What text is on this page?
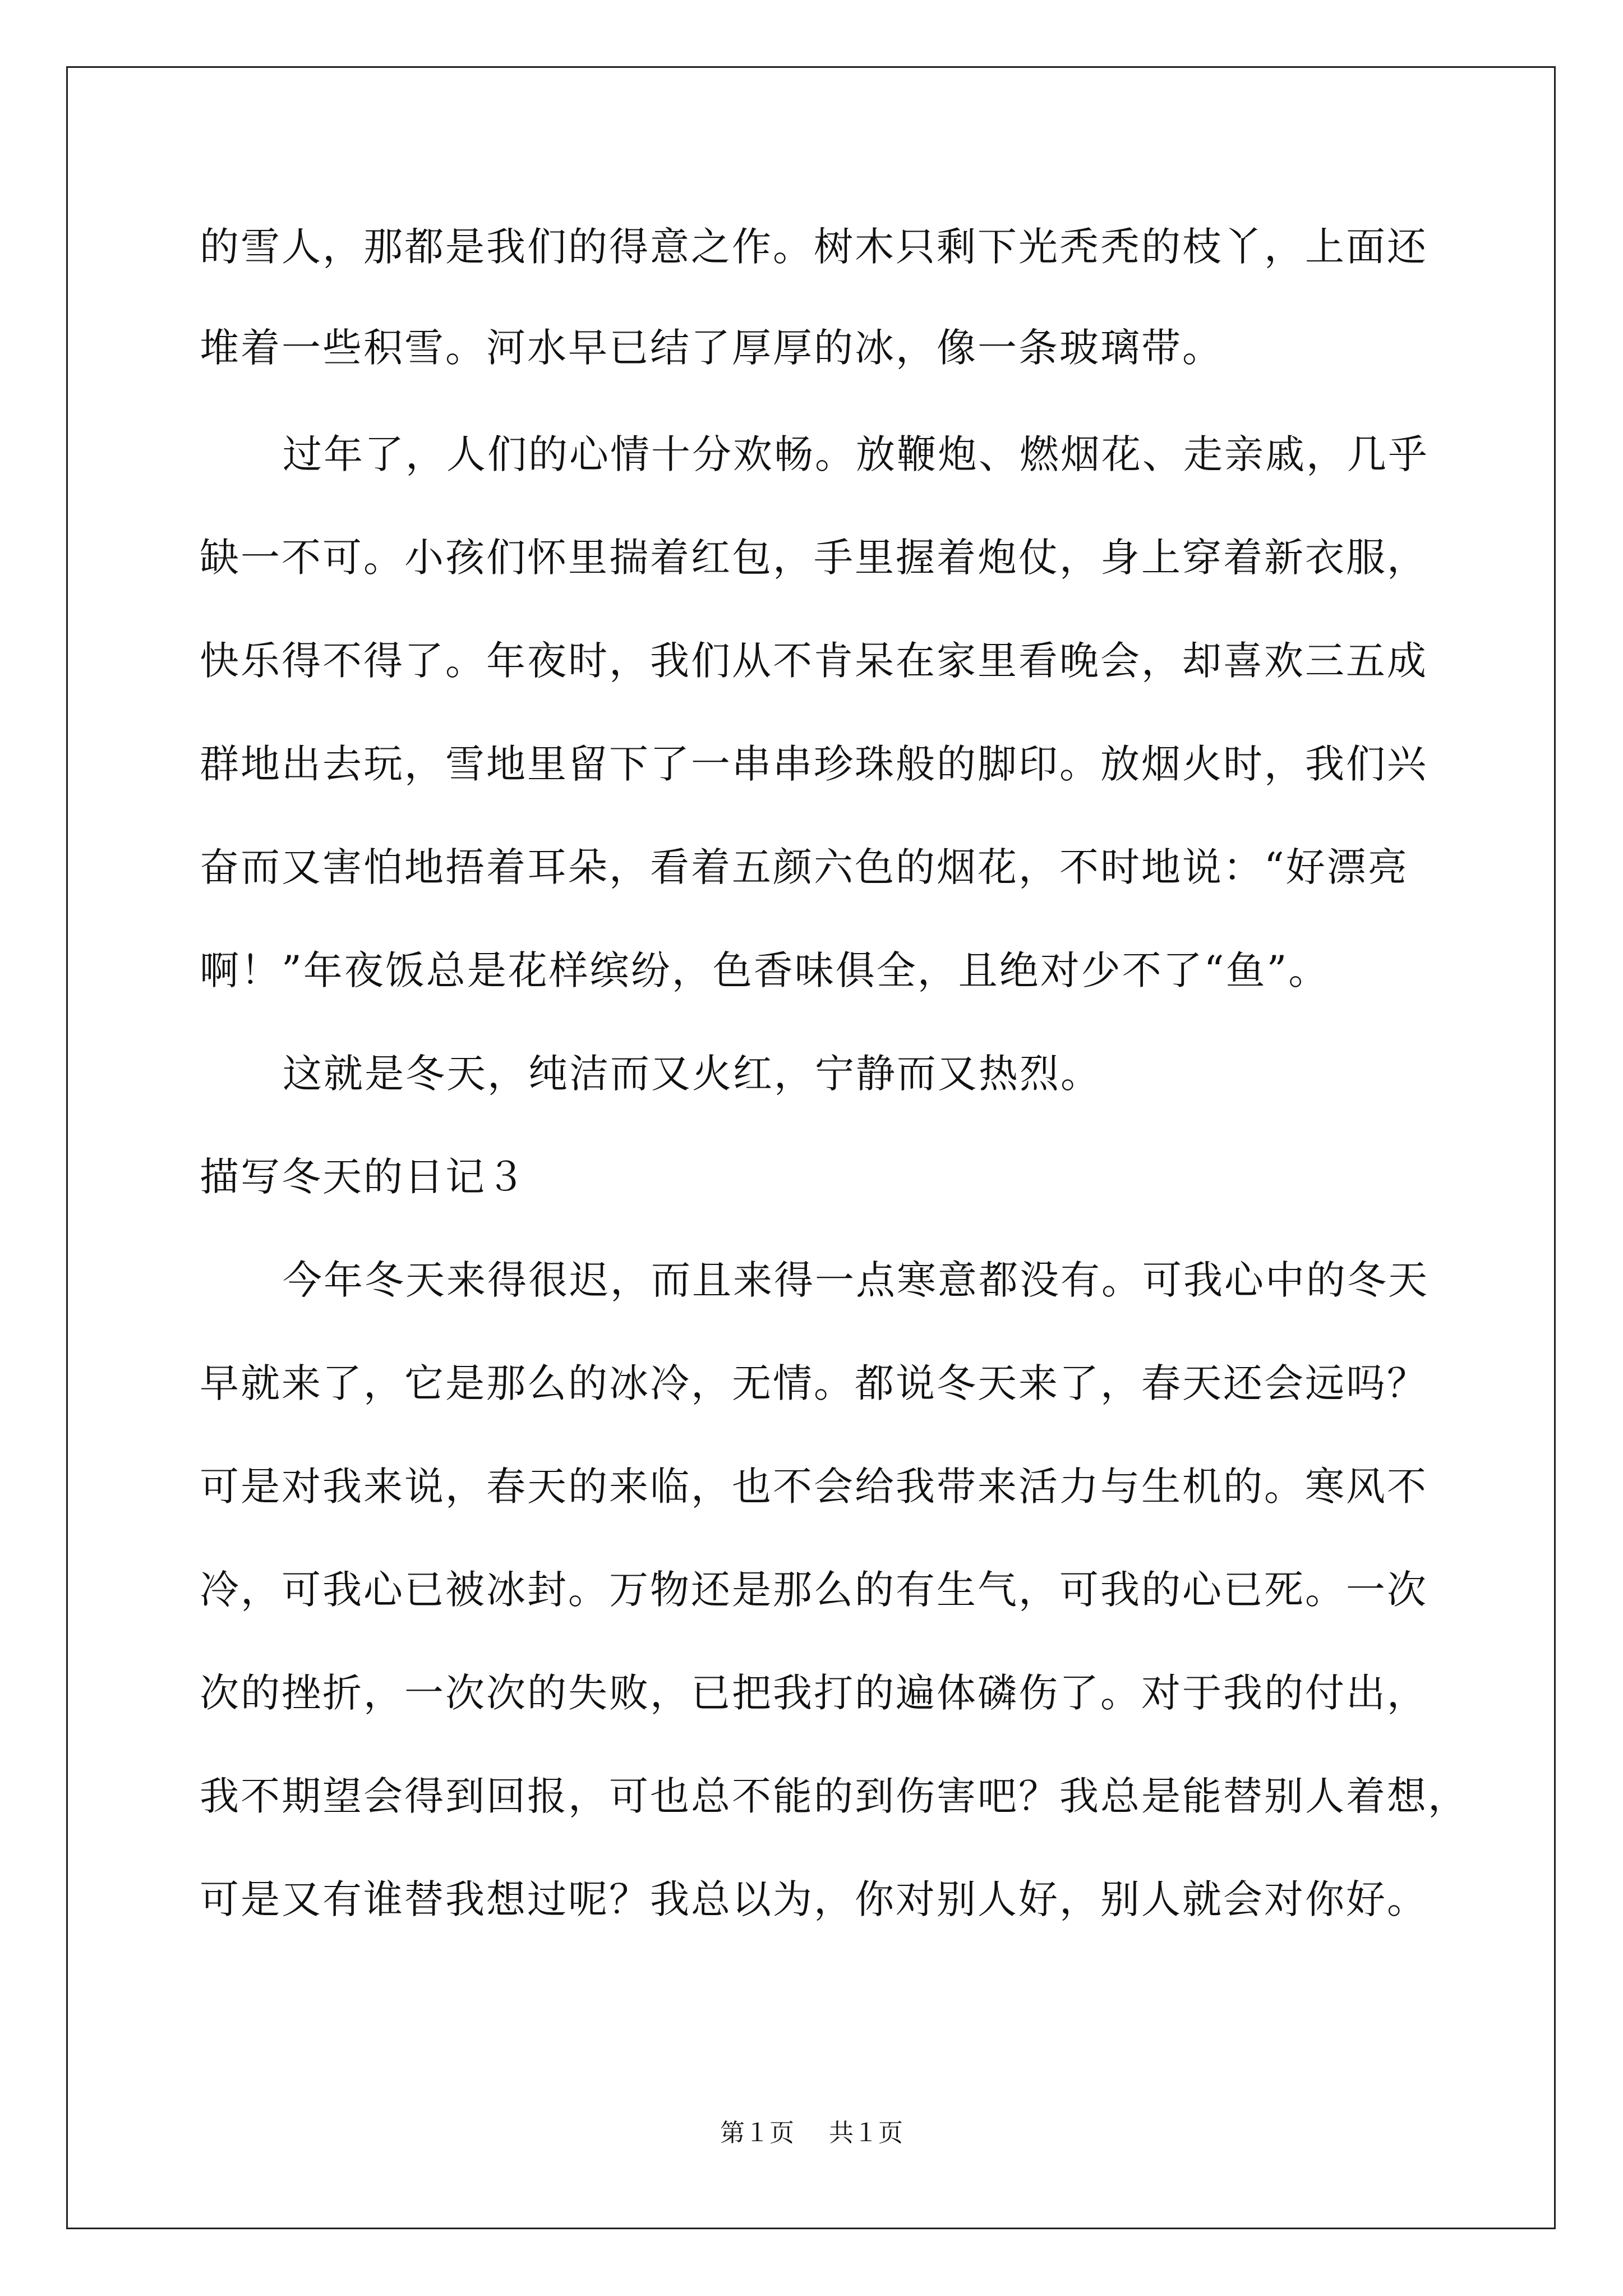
的雪人，那都是我们的得意之作。树木只剩下光秃秃的枝丫，上面还
堆着一些积雪。河水早已结了厚厚的冰，像一条玻璃带。
过年了，人们的心情十分欢畅。放鞭炮、燃烟花、走亲戚，几乎
缺一不可。小孩们怀里揣着红包，手里握着炮仗，身上穿着新衣服，
快乐得不得了。年夜时，我们从不肯呆在家里看晚会，却喜欢三五成
群地出去玩，雪地里留下了一串串珍珠般的脚印。放烟火时，我们兴
奋而又害怕地捂着耳朵，看着五颜六色的烟花，不时地说：“好漂亮
啊！”年夜饭总是花样缤纷，色香味俱全，且绝对少不了“鱼”。
这就是冬天，纯洁而又火红，宁静而又热烈。
描写冬天的日记３
今年冬天来得很迟，而且来得一点寒意都没有。可我心中的冬天
早就来了，它是那么的冰冷，无情。都说冬天来了，春天还会远吗？
可是对我来说，春天的来临，也不会给我带来活力与生机的。寒风不
冷，可我心已被冰封。万物还是那么的有生气，可我的心已死。一次
次的挫折，一次次的失败，已把我打的遍体磷伤了。对于我的付出，
我不期望会得到回报，可也总不能的到伤害吧？我总是能替别人着想，
可是又有谁替我想过呢？我总以为，你对别人好，别人就会对你好。
第１页 共１页
